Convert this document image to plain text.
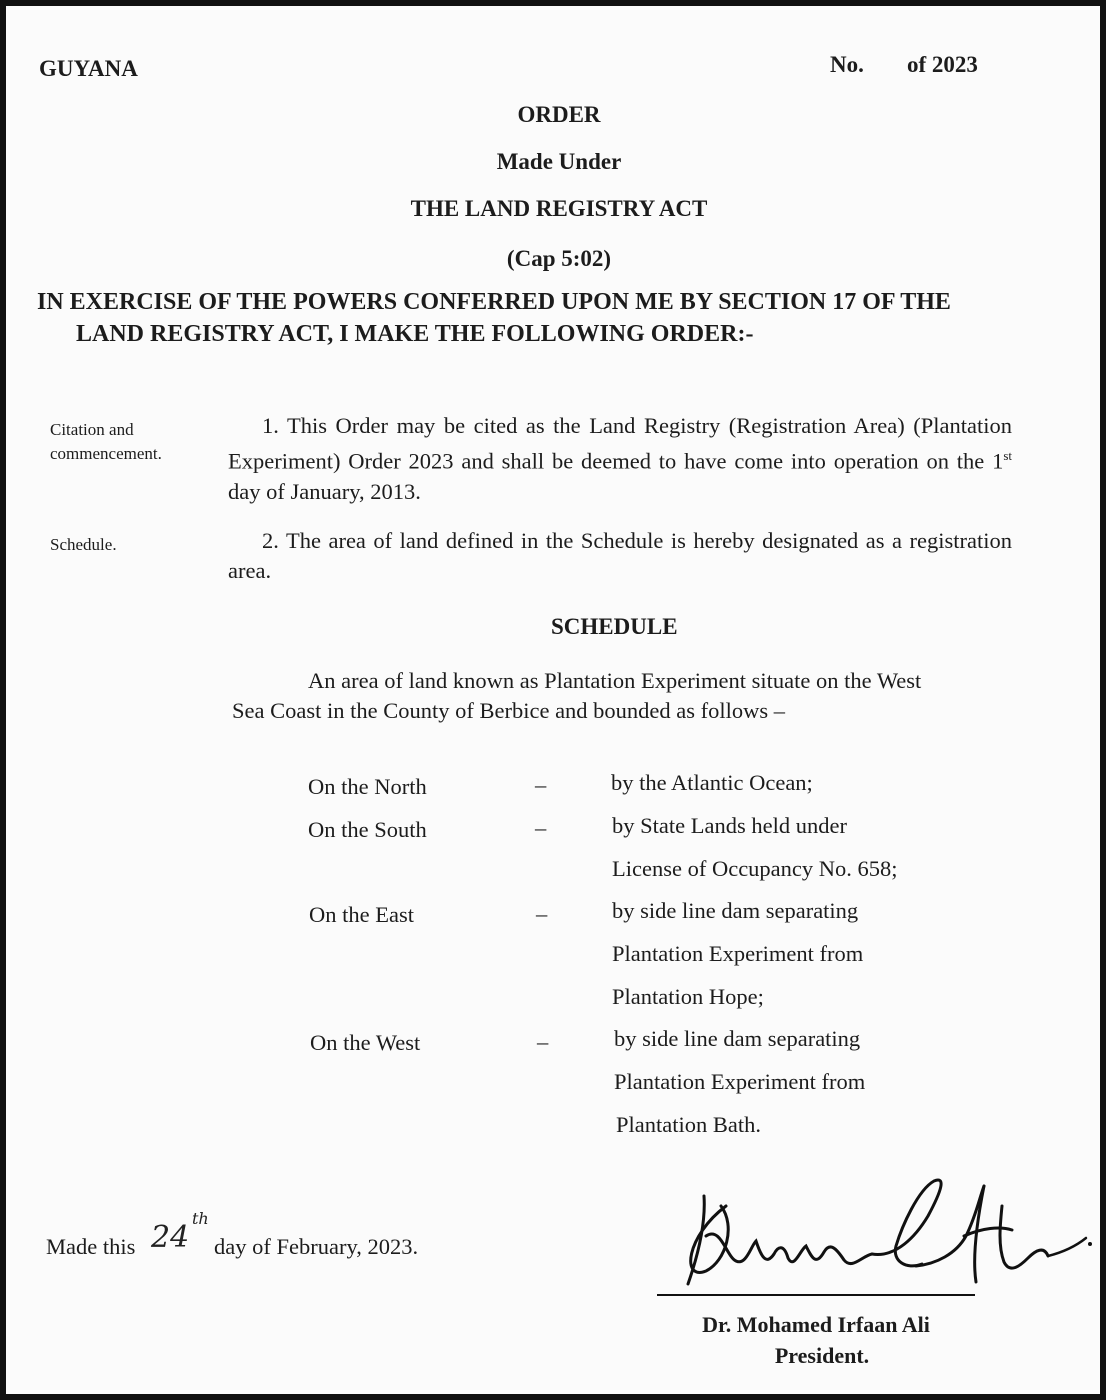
GUYANA	No. of 2023
ORDER
Made Under
THE LAND REGISTRY ACT
(Cap 5:02)
IN EXERCISE OF THE POWERS CONFERRED UPON ME BY SECTION 17 OF THE
LAND REGISTRY ACT, I MAKE THE FOLLOWING ORDER:-
Citation and
commencement.
1. This Order may be cited as the Land Registry (Registration Area) (Plantation Experiment) Order 2023 and shall be deemed to have come into operation on the 1st day of January, 2013.
Schedule.	2. The area of land defined in the Schedule is hereby designated as a registration area.
SCHEDULE
An area of land known as Plantation Experiment situate on the West
Sea Coast in the County of Berbice and bounded as follows –
On the North	–	by the Atlantic Ocean;
On the South	–	by State Lands held under
License of Occupancy No. 658;
On the East	–	by side line dam separating
Plantation Experiment from
Plantation Hope;
On the West	–	by side line dam separating
Plantation Experiment from
Plantation Bath.
Made this 24
th
day of February, 2023.
Dr. Mohamed Irfaan Ali
President.
